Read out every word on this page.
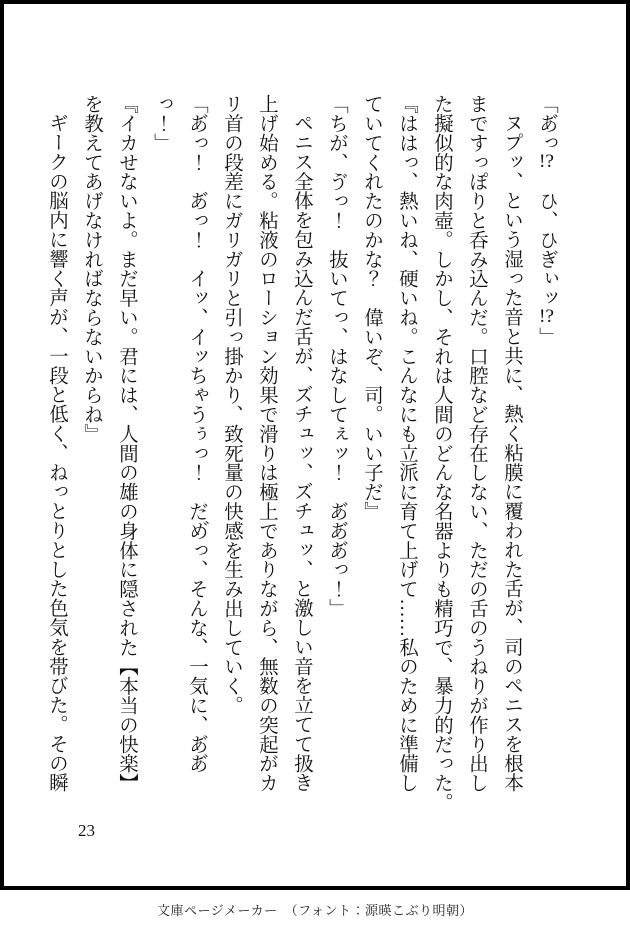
「あ゙っ!?　ひ、ひぎぃッ!?」
ヌプッ、という湿った音と共に、熱く粘膜に覆われた舌が、司のペニスを根本
まですっぽりと呑み込んだ。口腔など存在しない、ただの舌のうねりが作り出し
た擬似的な肉壺。しかし、それは人間のどんな名器よりも精巧で、暴力的だった。
『ははっ、熱いね、硬いね。こんなにも立派に育て上げて……私のために準備し
ていてくれたのかな？　偉いぞ、司。いい子だ』
「ちが、ゔっ！　抜いてっ、はなしてぇッ！　あ゙あ゙あ゙っ！」
ペニス全体を包み込んだ舌が、ズチュッ、ズチュッ、と激しい音を立てて扱き
上げ始める。粘液のローション効果で滑りは極上でありながら、無数の突起がカ
リ首の段差にガリガリと引っ掛かり、致死量の快感を生み出していく。
「あ゙っ！　あ゙っ！　イッ、イッちゃうぅっ！　だめ゙っ、そんな、一気に、あ゙あ゙
っ！」
『イカせないよ。まだ早い。君には、人間の雄の身体に隠された【本当の快楽】
を教えてあげなければならないからね』
ギークの脳内に響く声が、一段と低く、ねっとりとした色気を帯びた。その瞬
23
文庫ページメーカー　（フォント：源暎こぶり明朝）
